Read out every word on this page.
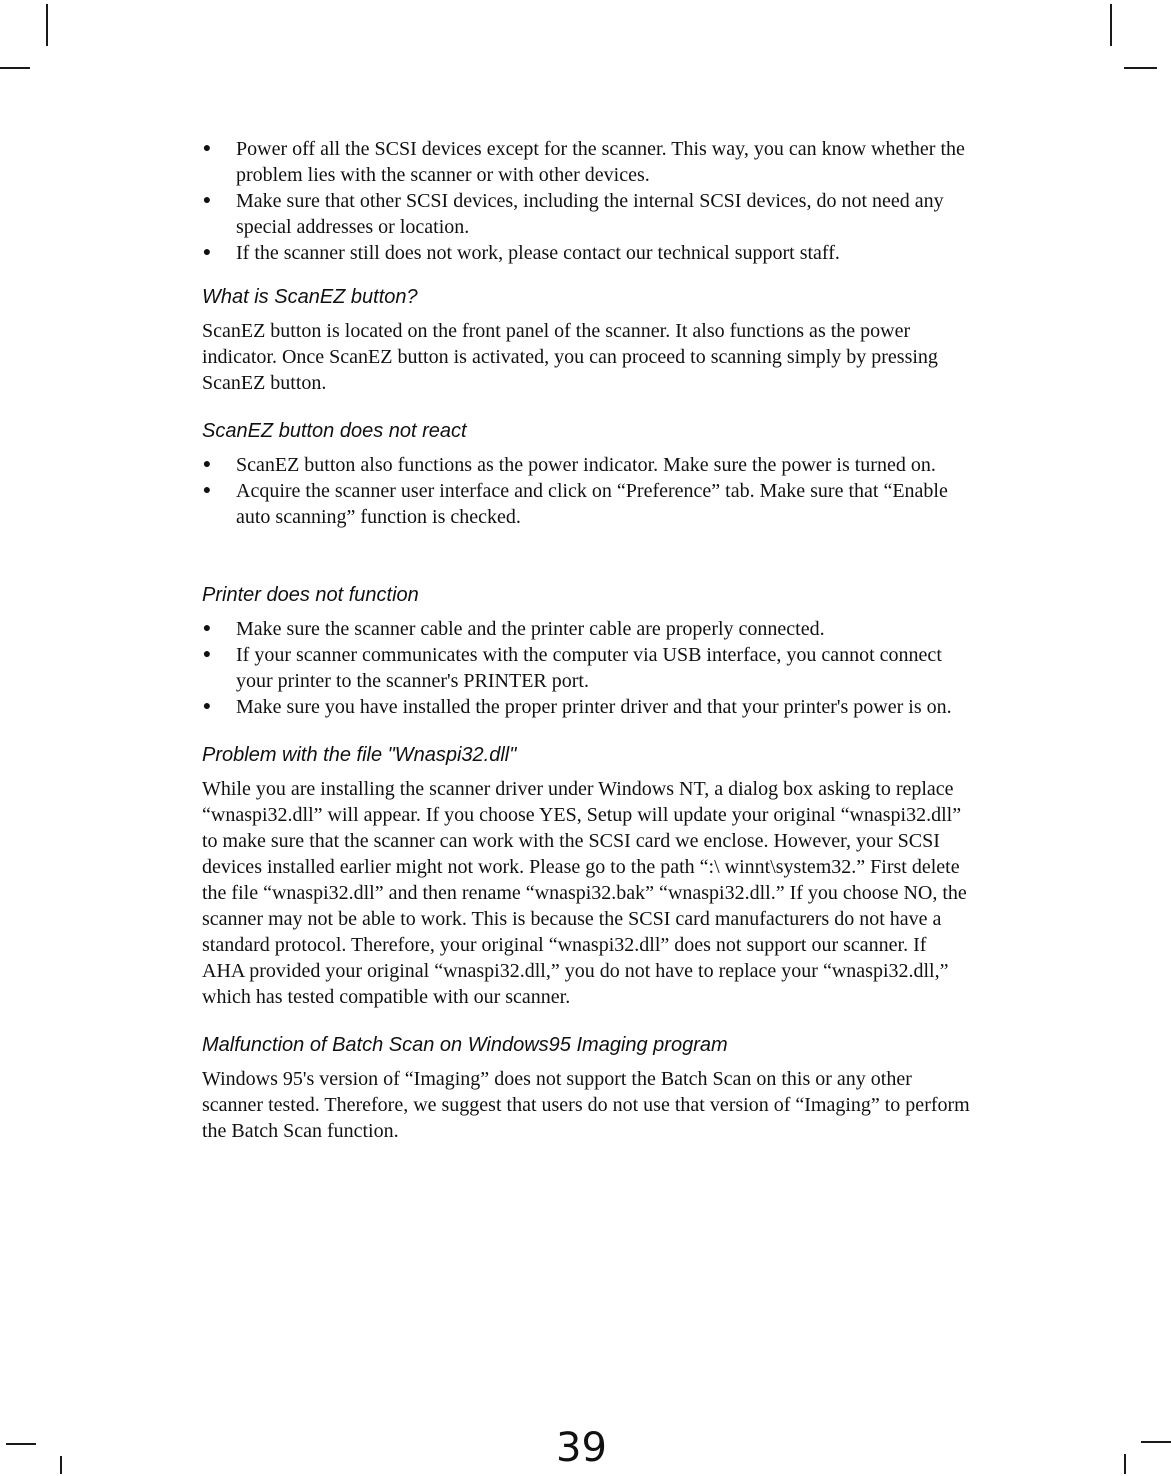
● Power off all the SCSI devices except for the scanner. This way, you can know whether the problem lies with the scanner or with other devices.
● Make sure that other SCSI devices, including the internal SCSI devices, do not need any special addresses or location.
● If the scanner still does not work, please contact our technical support staff.
What is ScanEZ button?

ScanEZ button is located on the front panel of the scanner. It also functions as the power indicator. Once ScanEZ button is activated, you can proceed to scanning simply by pressing ScanEZ button.

ScanEZ button does not react
● ScanEZ button also functions as the power indicator. Make sure the power is turned on.
● Acquire the scanner user interface and click on “Preference” tab. Make sure that “Enable auto scanning” function is checked.
Printer does not function
● Make sure the scanner cable and the printer cable are properly connected.
● If your scanner communicates with the computer via USB interface, you cannot connect your printer to the scanner's PRINTER port.
● Make sure you have installed the proper printer driver and that your printer's power is on.
Problem with the file "Wnaspi32.dll"

While you are installing the scanner driver under Windows NT, a dialog box asking to replace “wnaspi32.dll” will appear. If you choose YES, Setup will update your original “wnaspi32.dll” to make sure that the scanner can work with the SCSI card we enclose. However, your SCSI devices installed earlier might not work. Please go to the path “:\ winnt\system32.” First delete the file “wnaspi32.dll” and then rename “wnaspi32.bak” “wnaspi32.dll.” If you choose NO, the scanner may not be able to work. This is because the SCSI card manufacturers do not have a standard protocol. Therefore, your original “wnaspi32.dll” does not support our scanner. If AHA provided your original “wnaspi32.dll,” you do not have to replace your “wnaspi32.dll,” which has tested compatible with our scanner.

Malfunction of Batch Scan on Windows95 Imaging program

Windows 95's version of “Imaging” does not support the Batch Scan on this or any other scanner tested. Therefore, we suggest that users do not use that version of “Imaging” to perform the Batch Scan function.

39
